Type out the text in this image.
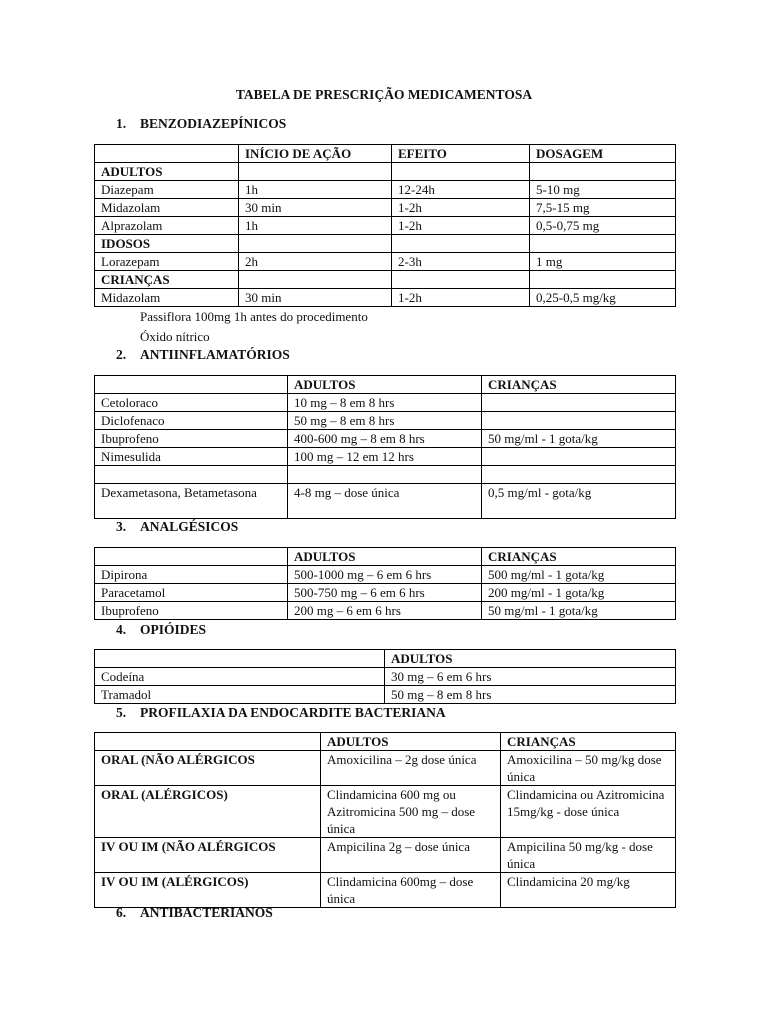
TABELA DE PRESCRIÇÃO MEDICAMENTOSA
1. BENZODIAZEPÍNICOS
	INÍCIO DE AÇÃO	EFEITO	DOSAGEM
ADULTOS			
Diazepam	1h	12-24h	5-10 mg
Midazolam	30 min	1-2h	7,5-15 mg
Alprazolam	1h	1-2h	0,5-0,75 mg
IDOSOS			
Lorazepam	2h	2-3h	1 mg
CRIANÇAS			
Midazolam	30 min	1-2h	0,25-0,5 mg/kg
Passiflora 100mg 1h antes do procedimento
Óxido nítrico
2. ANTIINFLAMATÓRIOS
	ADULTOS	CRIANÇAS
Cetoloraco	10 mg – 8 em 8 hrs	
Diclofenaco	50 mg – 8 em 8 hrs	
Ibuprofeno	400-600 mg – 8 em 8 hrs	50 mg/ml - 1 gota/kg
Nimesulida	100 mg – 12 em 12 hrs	

Dexametasona, Betametasona	4-8 mg – dose única	0,5 mg/ml - gota/kg
3. ANALGÉSICOS
	ADULTOS	CRIANÇAS
Dipirona	500-1000 mg – 6 em 6 hrs	500 mg/ml - 1 gota/kg
Paracetamol	500-750 mg – 6 em 6 hrs	200 mg/ml - 1 gota/kg
Ibuprofeno	200 mg – 6 em 6 hrs	50 mg/ml - 1 gota/kg
4. OPIÓIDES
	ADULTOS
Codeína	30 mg – 6 em 6 hrs
Tramadol	50 mg – 8 em 8 hrs
5. PROFILAXIA DA ENDOCARDITE BACTERIANA
	ADULTOS	CRIANÇAS
ORAL (NÃO ALÉRGICOS	Amoxicilina – 2g dose única	Amoxicilina – 50 mg/kg dose única
ORAL (ALÉRGICOS)	Clindamicina 600 mg ou Azitromicina 500 mg – dose única	Clindamicina ou Azitromicina 15mg/kg - dose única
IV OU IM (NÃO ALÉRGICOS	Ampicilina 2g – dose única	Ampicilina 50 mg/kg - dose única
IV OU IM (ALÉRGICOS)	Clindamicina 600mg – dose única	Clindamicina 20 mg/kg
6. ANTIBACTERIANOS
